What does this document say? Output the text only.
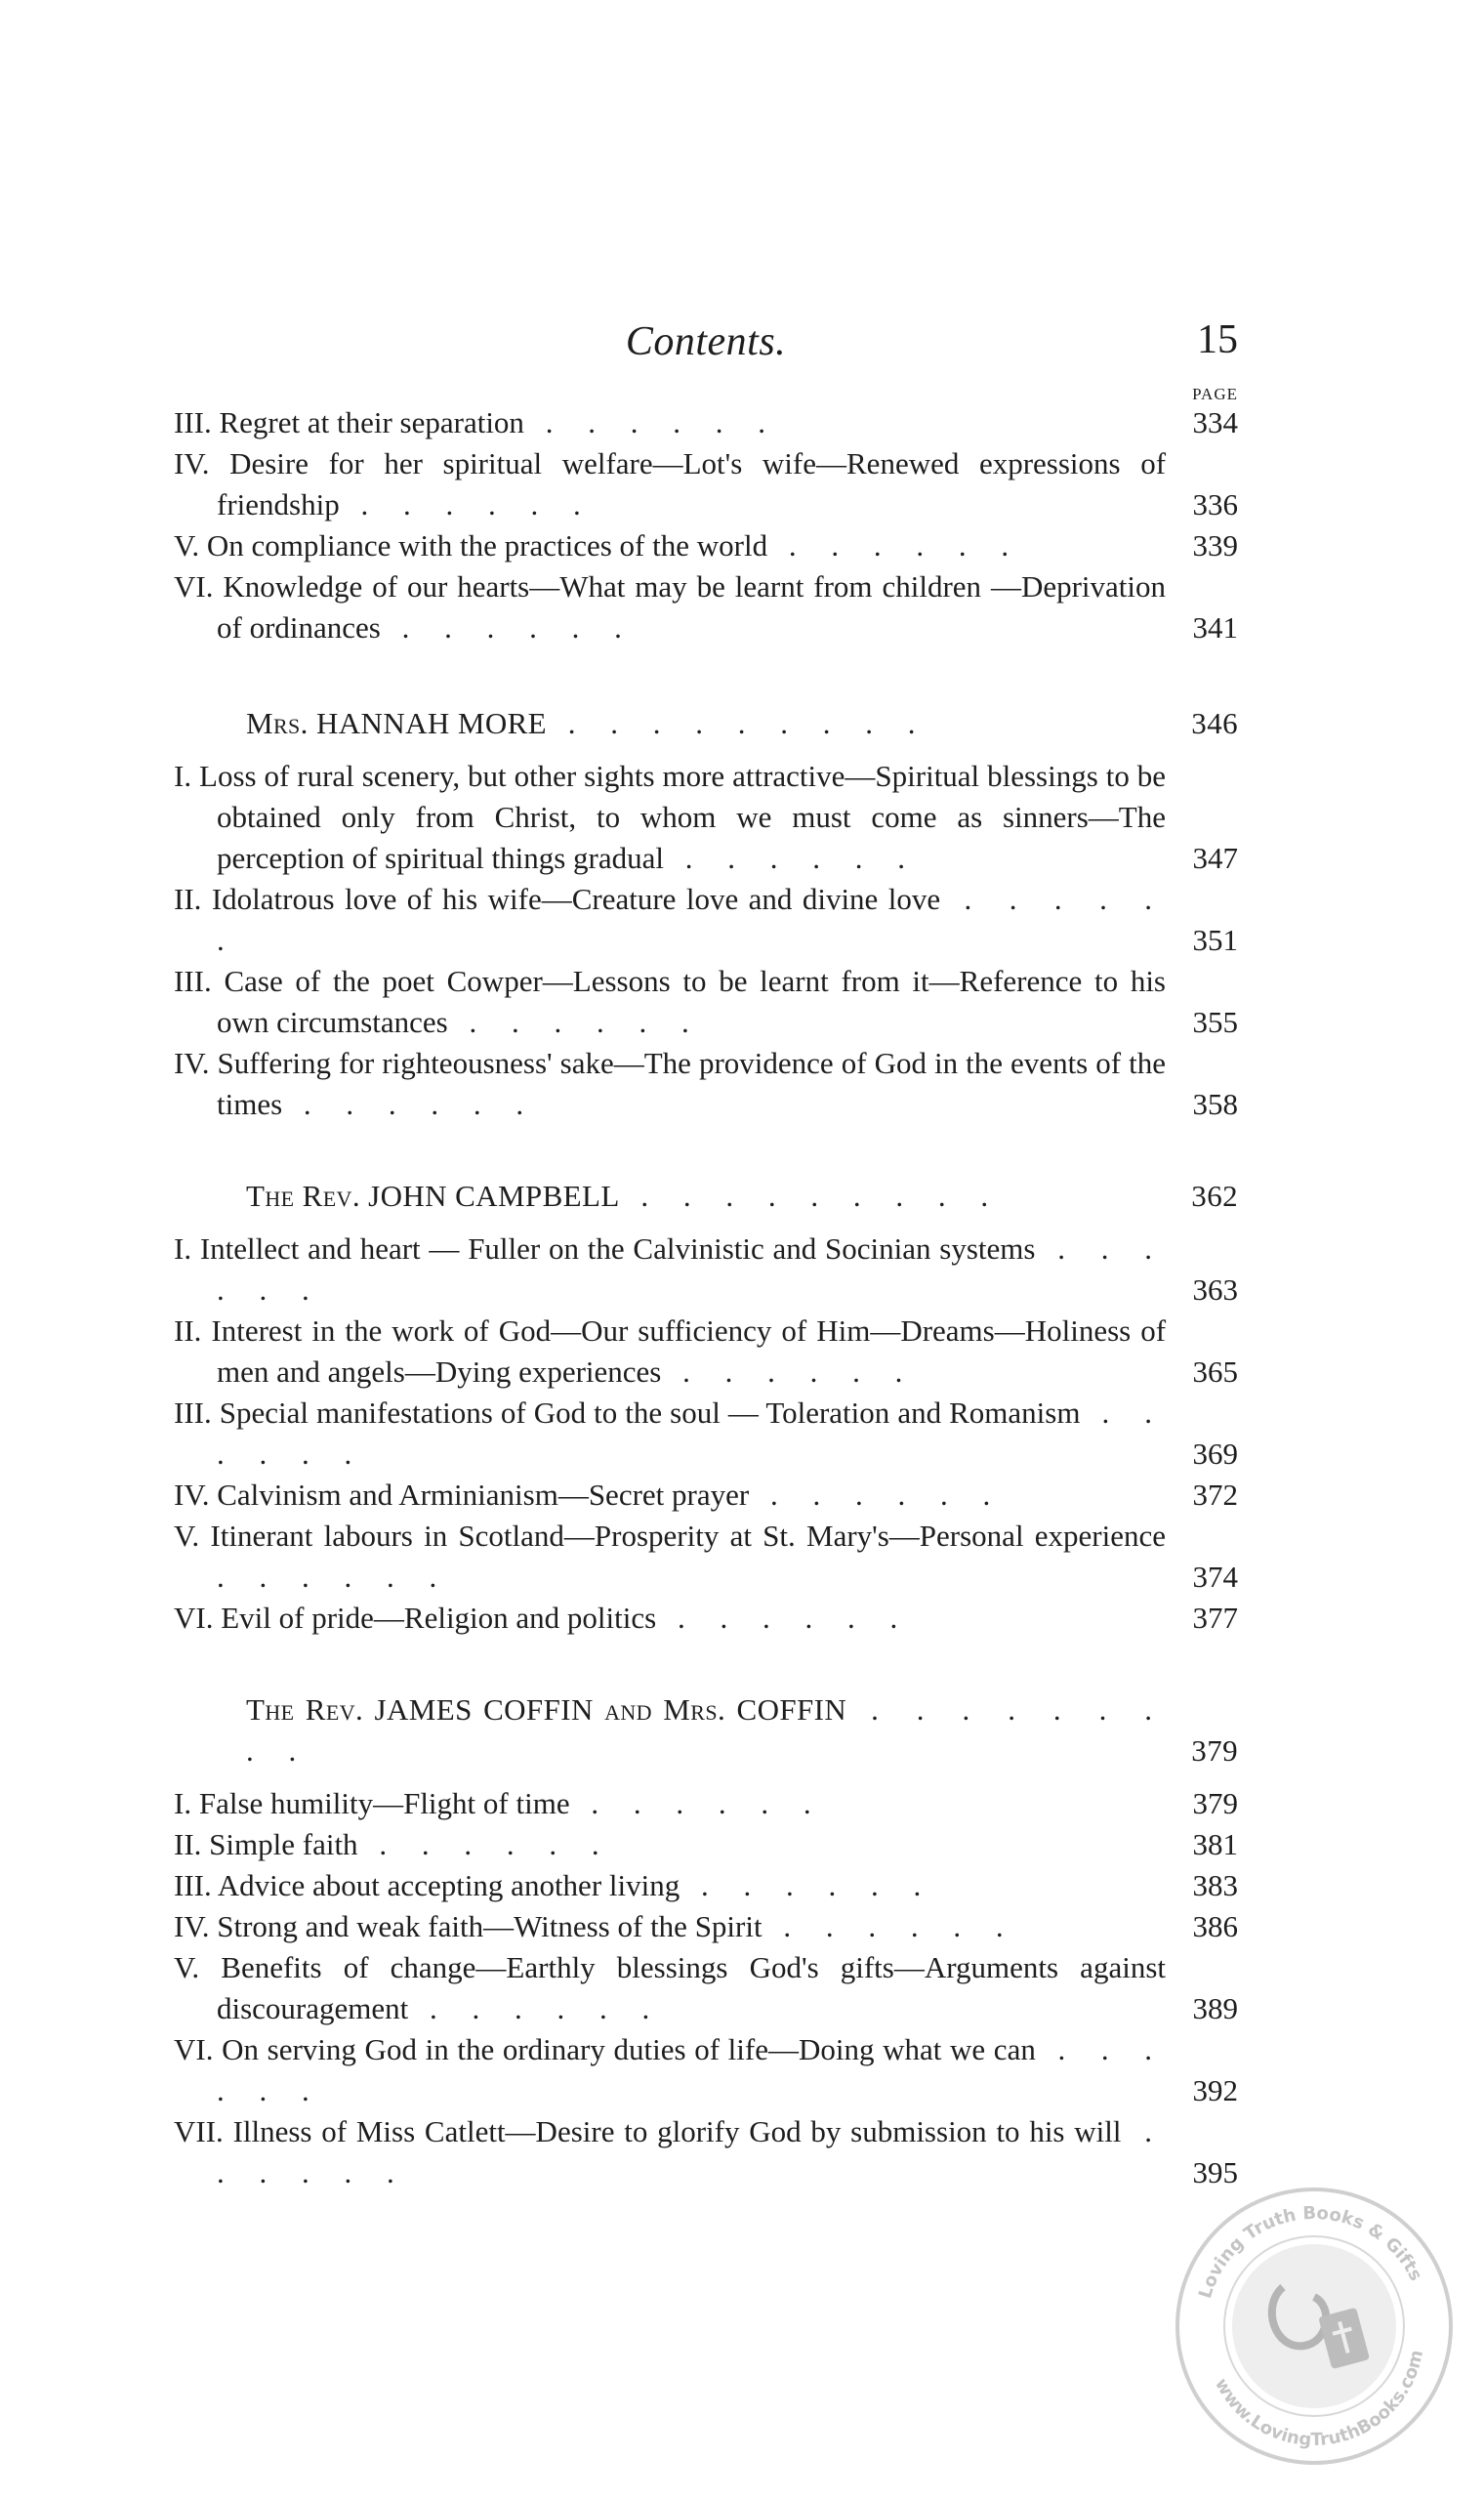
Contents.	15
PAGE
III. Regret at their separation . . . . . .	334
IV. Desire for her spiritual welfare—Lot's wife—Renewed expressions of friendship . . . . . .	336
V. On compliance with the practices of the world . . . . . .	339
VI. Knowledge of our hearts—What may be learnt from children —Deprivation of ordinances . . . . . .	341
Mrs. HANNAH MORE . . . . . . . . .	346
I. Loss of rural scenery, but other sights more attractive—Spiritual blessings to be obtained only from Christ, to whom we must come as sinners—The perception of spiritual things gradual . . . . . .	347
II. Idolatrous love of his wife—Creature love and divine love . . . . . .	351
III. Case of the poet Cowper—Lessons to be learnt from it—Reference to his own circumstances . . . . . .	355
IV. Suffering for righteousness' sake—The providence of God in the events of the times . . . . . .	358
The Rev. JOHN CAMPBELL . . . . . . . . .	362
I. Intellect and heart — Fuller on the Calvinistic and Socinian systems . . . . . .	363
II. Interest in the work of God—Our sufficiency of Him—Dreams—Holiness of men and angels—Dying experiences . . . . . .	365
III. Special manifestations of God to the soul — Toleration and Romanism . . . . . .	369
IV. Calvinism and Arminianism—Secret prayer . . . . . .	372
V. Itinerant labours in Scotland—Prosperity at St. Mary's—Personal experience . . . . . .	374
VI. Evil of pride—Religion and politics . . . . . .	377
The Rev. JAMES COFFIN and Mrs. COFFIN . . . . . . . . .	379
I. False humility—Flight of time . . . . . .	379
II. Simple faith . . . . . .	381
III. Advice about accepting another living . . . . . .	383
IV. Strong and weak faith—Witness of the Spirit . . . . . .	386
V. Benefits of change—Earthly blessings God's gifts—Arguments against discouragement . . . . . .	389
VI. On serving God in the ordinary duties of life—Doing what we can . . . . . .	392
VII. Illness of Miss Catlett—Desire to glorify God by submission to his will . . . . . .	395
Loving Truth Books & Gifts
www.LovingTruthBooks.com
